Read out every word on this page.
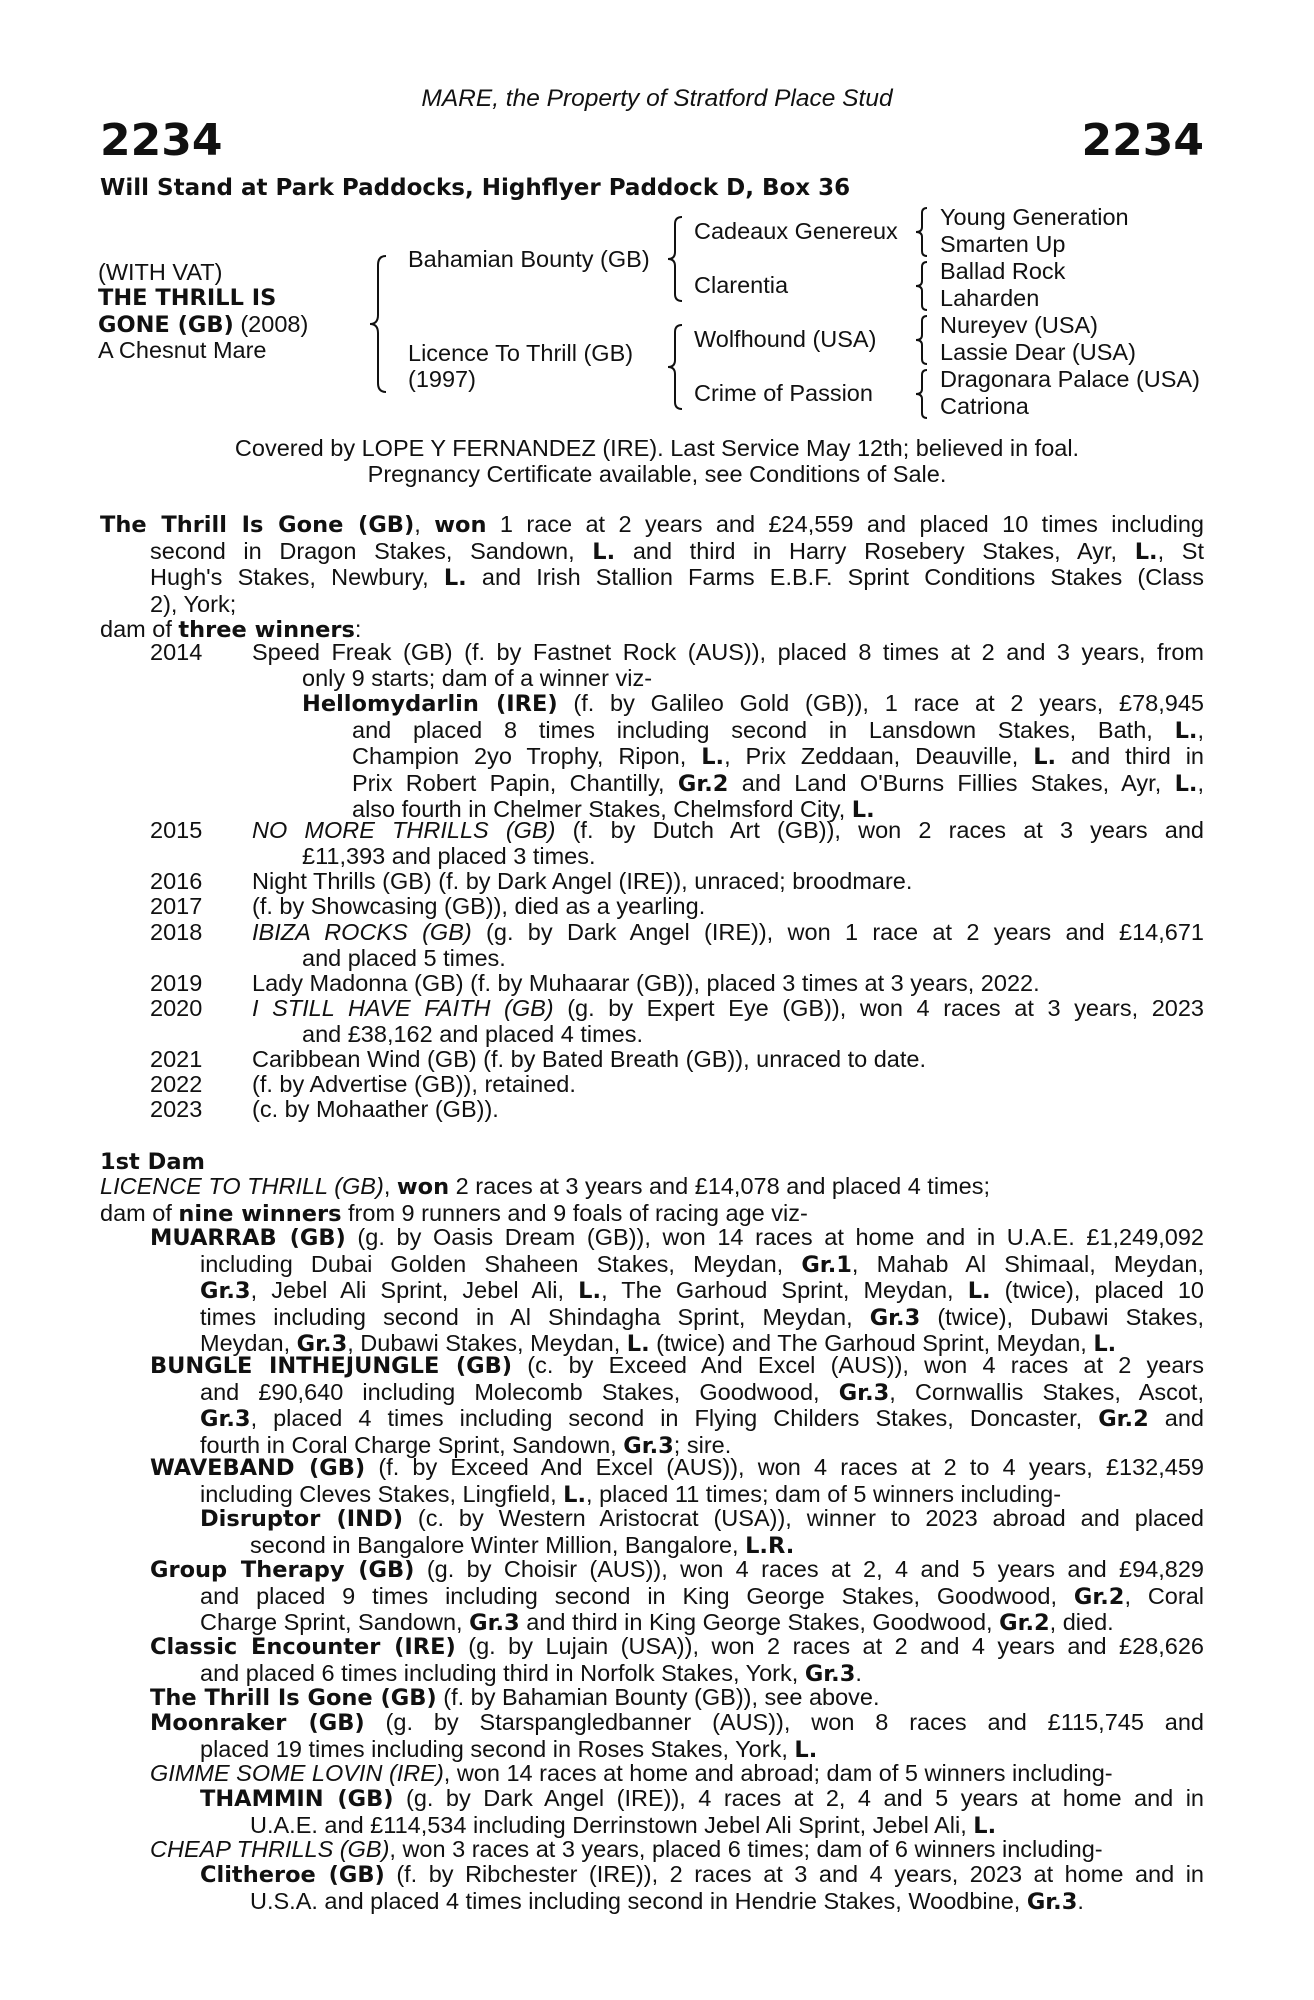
MARE, the Property of Stratford Place Stud
2234	2234
Will Stand at Park Paddocks, Highflyer Paddock D, Box 36
(WITH VAT)
THE THRILL IS
GONE (GB) (2008)
A Chesnut Mare
Bahamian Bounty (GB)
Licence To Thrill (GB)
(1997)
Cadeaux Genereux
Clarentia
Wolfhound (USA)
Crime of Passion
Young Generation
Smarten Up
Ballad Rock
Laharden
Nureyev (USA)
Lassie Dear (USA)
Dragonara Palace (USA)
Catriona
Covered by LOPE Y FERNANDEZ (IRE). Last Service May 12th; believed in foal.
Pregnancy Certificate available, see Conditions of Sale.
The Thrill Is Gone (GB), won 1 race at 2 years and £24,559 and placed 10 times including
second in Dragon Stakes, Sandown, L. and third in Harry Rosebery Stakes, Ayr, L., St
Hugh's Stakes, Newbury, L. and Irish Stallion Farms E.B.F. Sprint Conditions Stakes (Class
2), York;
dam of three winners:
2014 Speed Freak (GB) (f. by Fastnet Rock (AUS)), placed 8 times at 2 and 3 years, from
only 9 starts; dam of a winner viz-
Hellomydarlin (IRE) (f. by Galileo Gold (GB)), 1 race at 2 years, £78,945
and placed 8 times including second in Lansdown Stakes, Bath, L.,
Champion 2yo Trophy, Ripon, L., Prix Zeddaan, Deauville, L. and third in
Prix Robert Papin, Chantilly, Gr.2 and Land O'Burns Fillies Stakes, Ayr, L.,
also fourth in Chelmer Stakes, Chelmsford City, L.
2015 NO MORE THRILLS (GB) (f. by Dutch Art (GB)), won 2 races at 3 years and
£11,393 and placed 3 times.
2016 Night Thrills (GB) (f. by Dark Angel (IRE)), unraced; broodmare.
2017 (f. by Showcasing (GB)), died as a yearling.
2018 IBIZA ROCKS (GB) (g. by Dark Angel (IRE)), won 1 race at 2 years and £14,671
and placed 5 times.
2019 Lady Madonna (GB) (f. by Muhaarar (GB)), placed 3 times at 3 years, 2022.
2020 I STILL HAVE FAITH (GB) (g. by Expert Eye (GB)), won 4 races at 3 years, 2023
and £38,162 and placed 4 times.
2021 Caribbean Wind (GB) (f. by Bated Breath (GB)), unraced to date.
2022 (f. by Advertise (GB)), retained.
2023 (c. by Mohaather (GB)).
1st Dam
LICENCE TO THRILL (GB), won 2 races at 3 years and £14,078 and placed 4 times;
dam of nine winners from 9 runners and 9 foals of racing age viz-
MUARRAB (GB) (g. by Oasis Dream (GB)), won 14 races at home and in U.A.E. £1,249,092
including Dubai Golden Shaheen Stakes, Meydan, Gr.1, Mahab Al Shimaal, Meydan,
Gr.3, Jebel Ali Sprint, Jebel Ali, L., The Garhoud Sprint, Meydan, L. (twice), placed 10
times including second in Al Shindagha Sprint, Meydan, Gr.3 (twice), Dubawi Stakes,
Meydan, Gr.3, Dubawi Stakes, Meydan, L. (twice) and The Garhoud Sprint, Meydan, L.
BUNGLE INTHEJUNGLE (GB) (c. by Exceed And Excel (AUS)), won 4 races at 2 years
and £90,640 including Molecomb Stakes, Goodwood, Gr.3, Cornwallis Stakes, Ascot,
Gr.3, placed 4 times including second in Flying Childers Stakes, Doncaster, Gr.2 and
fourth in Coral Charge Sprint, Sandown, Gr.3; sire.
WAVEBAND (GB) (f. by Exceed And Excel (AUS)), won 4 races at 2 to 4 years, £132,459
including Cleves Stakes, Lingfield, L., placed 11 times; dam of 5 winners including-
Disruptor (IND) (c. by Western Aristocrat (USA)), winner to 2023 abroad and placed
second in Bangalore Winter Million, Bangalore, L.R.
Group Therapy (GB) (g. by Choisir (AUS)), won 4 races at 2, 4 and 5 years and £94,829
and placed 9 times including second in King George Stakes, Goodwood, Gr.2, Coral
Charge Sprint, Sandown, Gr.3 and third in King George Stakes, Goodwood, Gr.2, died.
Classic Encounter (IRE) (g. by Lujain (USA)), won 2 races at 2 and 4 years and £28,626
and placed 6 times including third in Norfolk Stakes, York, Gr.3.
The Thrill Is Gone (GB) (f. by Bahamian Bounty (GB)), see above.
Moonraker (GB) (g. by Starspangledbanner (AUS)), won 8 races and £115,745 and
placed 19 times including second in Roses Stakes, York, L.
GIMME SOME LOVIN (IRE), won 14 races at home and abroad; dam of 5 winners including-
THAMMIN (GB) (g. by Dark Angel (IRE)), 4 races at 2, 4 and 5 years at home and in
U.A.E. and £114,534 including Derrinstown Jebel Ali Sprint, Jebel Ali, L.
CHEAP THRILLS (GB), won 3 races at 3 years, placed 6 times; dam of 6 winners including-
Clitheroe (GB) (f. by Ribchester (IRE)), 2 races at 3 and 4 years, 2023 at home and in
U.S.A. and placed 4 times including second in Hendrie Stakes, Woodbine, Gr.3.
